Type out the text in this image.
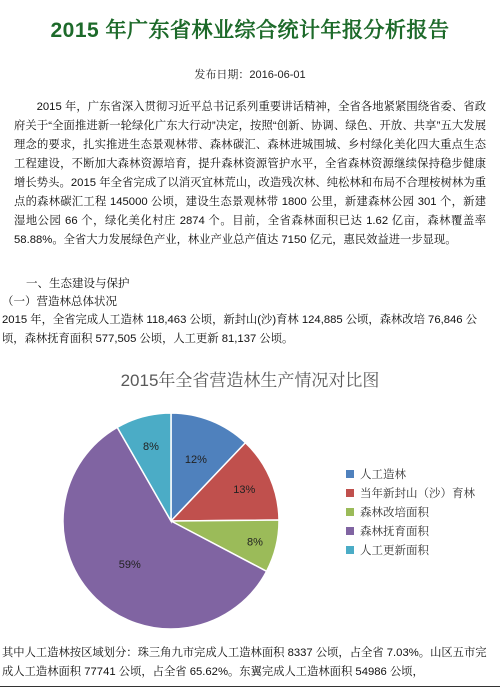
2015 年广东省林业综合统计年报分析报告
发布日期：2016-06-01

2015 年，广东省深入贯彻习近平总书记系列重要讲话精神，全省各地紧紧围绕省委、省政府关于“全面推进新一轮绿化广东大行动”决定，按照“创新、协调、绿色、开放、共享”五大发展理念的要求，扎实推进生态景观林带、森林碳汇、森林进城围城、乡村绿化美化四大重点生态工程建设，不断加大森林资源培育，提升森林资源管护水平，全省森林资源继续保持稳步健康增长势头。2015 年全省完成了以消灭宜林荒山，改造残次林、纯松林和布局不合理桉树林为重点的森林碳汇工程 145000 公顷，建设生态景观林带 1800 公里，新建森林公园 301 个，新建湿地公园 66 个，绿化美化村庄 2874 个。目前，全省森林面积已达 1.62 亿亩，森林覆盖率 58.88%。全省大力发展绿色产业，林业产业总产值达 7150 亿元，惠民效益进一步显现。

一、生态建设与保护
（一）营造林总体状况

2015 年，全省完成人工造林 118,463 公顷，新封山(沙)育林 124,885 公顷，森林改培 76,846 公顷，森林抚育面积 577,505 公顷，人工更新 81,137 公顷。

2015年全省营造林生产情况对比图
12%
13%
8%
59%
8%
人工造林
当年新封山（沙）育林
森林改培面积
森林抚育面积
人工更新面积

其中人工造林按区域划分：珠三角九市完成人工造林面积 8337 公顷，占全省 7.03%。山区五市完成人工造林面积 77741 公顷，占全省 65.62%。东翼完成人工造林面积 54986 公顷，
